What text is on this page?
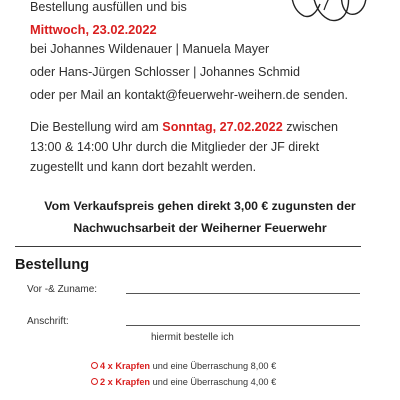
Bestellung ausfüllen und bis
Mittwoch, 23.02.2022
bei Johannes Wildenauer | Manuela Mayer
oder Hans-Jürgen Schlosser | Johannes Schmid
oder per Mail an kontakt@feuerwehr-weihern.de senden.
Die Bestellung wird am Sonntag, 27.02.2022 zwischen
13:00 & 14:00 Uhr durch die Mitglieder der JF direkt
zugestellt und kann dort bezahlt werden.
Vom Verkaufspreis gehen direkt 3,00 € zugunsten der
Nachwuchsarbeit der Weiherner Feuerwehr
Bestellung
Vor -& Zuname:
Anschrift:
hiermit bestelle ich
4 x Krapfen und eine Überraschung 8,00 €
2 x Krapfen und eine Überraschung 4,00 €
